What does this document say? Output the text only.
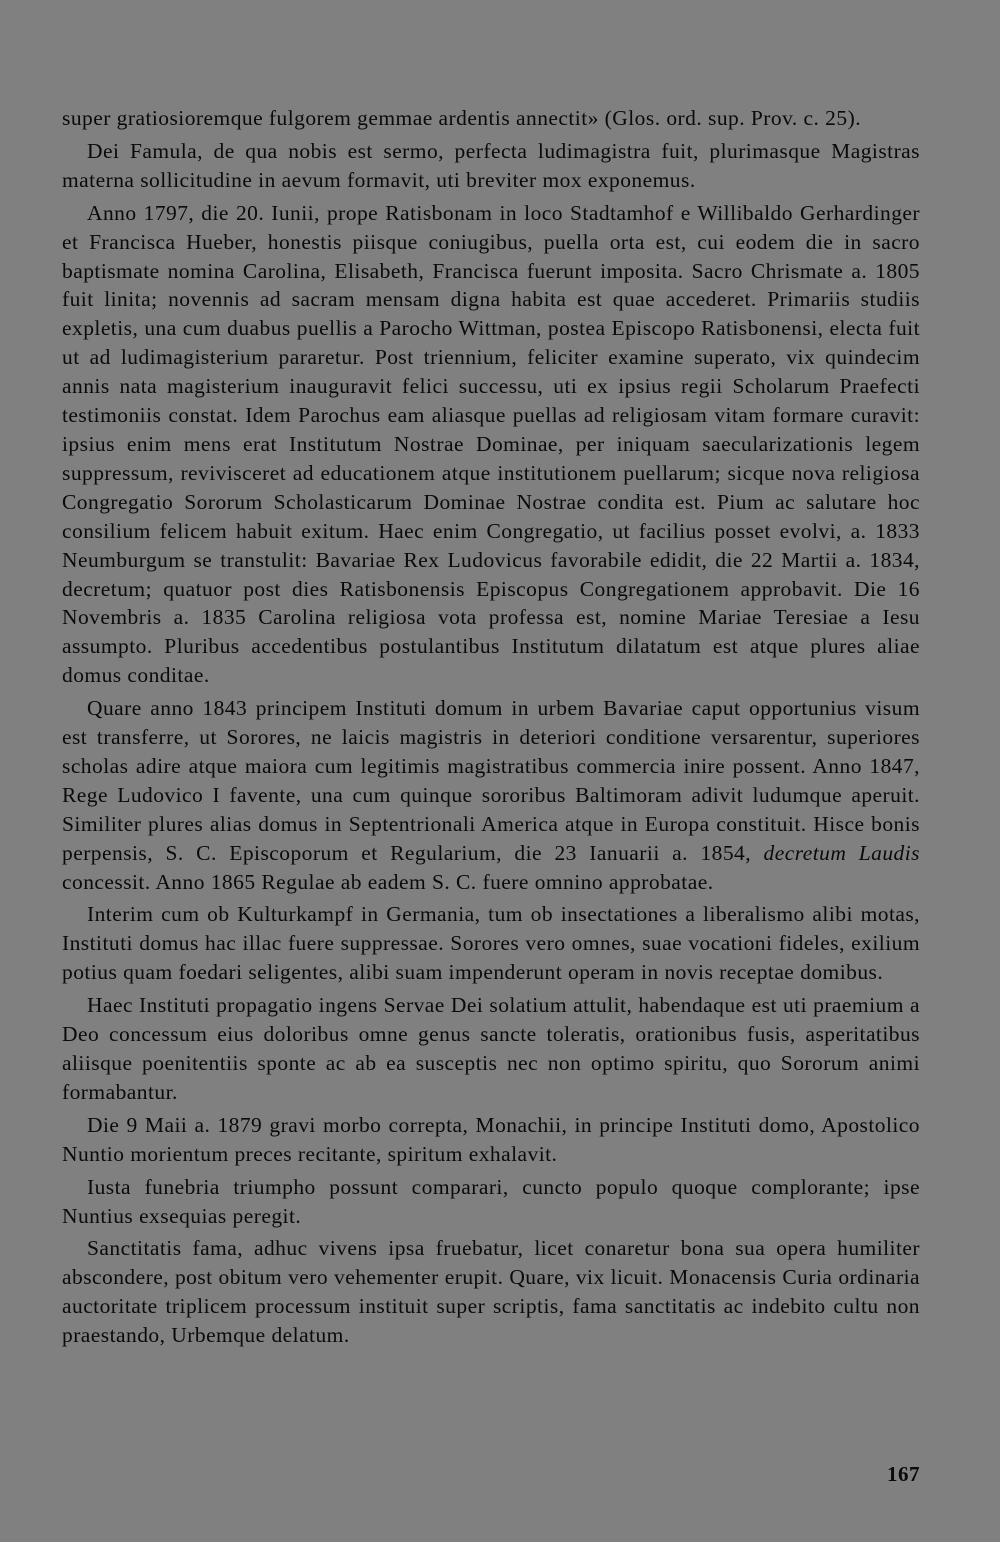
super gratiosioremque fulgorem gemmae ardentis annectit» (Glos. ord. sup. Prov. c. 25).

Dei Famula, de qua nobis est sermo, perfecta ludimagistra fuit, plurimasque Magistras materna sollicitudine in aevum formavit, uti breviter mox exponemus.

Anno 1797, die 20. Iunii, prope Ratisbonam in loco Stadtamhof e Willibaldo Gerhardinger et Francisca Hueber, honestis piisque coniugibus, puella orta est, cui eodem die in sacro baptismate nomina Carolina, Elisabeth, Francisca fuerunt imposita. Sacro Chrismate a. 1805 fuit linita; novennis ad sacram mensam digna habita est quae accederet. Primariis studiis expletis, una cum duabus puellis a Parocho Wittman, postea Episcopo Ratisbonensi, electa fuit ut ad ludimagisterium pararetur. Post triennium, feliciter examine superato, vix quindecim annis nata magisterium inauguravit felici successu, uti ex ipsius regii Scholarum Praefecti testimoniis constat. Idem Parochus eam aliasque puellas ad religiosam vitam formare curavit: ipsius enim mens erat Institutum Nostrae Dominae, per iniquam saecularizationis legem suppressum, revivisceret ad educationem atque institutionem puellarum; sicque nova religiosa Congregatio Sororum Scholasticarum Dominae Nostrae condita est. Pium ac salutare hoc consilium felicem habuit exitum. Haec enim Congregatio, ut facilius posset evolvi, a. 1833 Neumburgum se transtulit: Bavariae Rex Ludovicus favorabile edidit, die 22 Martii a. 1834, decretum; quatuor post dies Ratisbonensis Episcopus Congregationem approbavit. Die 16 Novembris a. 1835 Carolina religiosa vota professa est, nomine Mariae Teresiae a Iesu assumpto. Pluribus accedentibus postulantibus Institutum dilatatum est atque plures aliae domus conditae.

Quare anno 1843 principem Instituti domum in urbem Bavariae caput opportunius visum est transferre, ut Sorores, ne laicis magistris in deteriori conditione versarentur, superiores scholas adire atque maiora cum legitimis magistratibus commercia inire possent. Anno 1847, Rege Ludovico I favente, una cum quinque sororibus Baltimoram adivit ludumque aperuit. Similiter plures alias domus in Septentrionali America atque in Europa constituit. Hisce bonis perpensis, S. C. Episcoporum et Regularium, die 23 Ianuarii a. 1854, decretum Laudis concessit. Anno 1865 Regulae ab eadem S. C. fuere omnino approbatae.

Interim cum ob Kulturkampf in Germania, tum ob insectationes a liberalismo alibi motas, Instituti domus hac illac fuere suppressae. Sorores vero omnes, suae vocationi fideles, exilium potius quam foedari seligentes, alibi suam impenderunt operam in novis receptae domibus.

Haec Instituti propagatio ingens Servae Dei solatium attulit, habendaque est uti praemium a Deo concessum eius doloribus omne genus sancte toleratis, orationibus fusis, asperitatibus aliisque poenitentiis sponte ac ab ea susceptis nec non optimo spiritu, quo Sororum animi formabantur.

Die 9 Maii a. 1879 gravi morbo correpta, Monachii, in principe Instituti domo, Apostolico Nuntio morientum preces recitante, spiritum exhalavit.

Iusta funebria triumpho possunt comparari, cuncto populo quoque complorante; ipse Nuntius exsequias peregit.

Sanctitatis fama, adhuc vivens ipsa fruebatur, licet conaretur bona sua opera humiliter abscondere, post obitum vero vehementer erupit. Quare, vix licuit. Monacensis Curia ordinaria auctoritate triplicem processum instituit super scriptis, fama sanctitatis ac indebito cultu non praestando, Urbemque delatum.

167
